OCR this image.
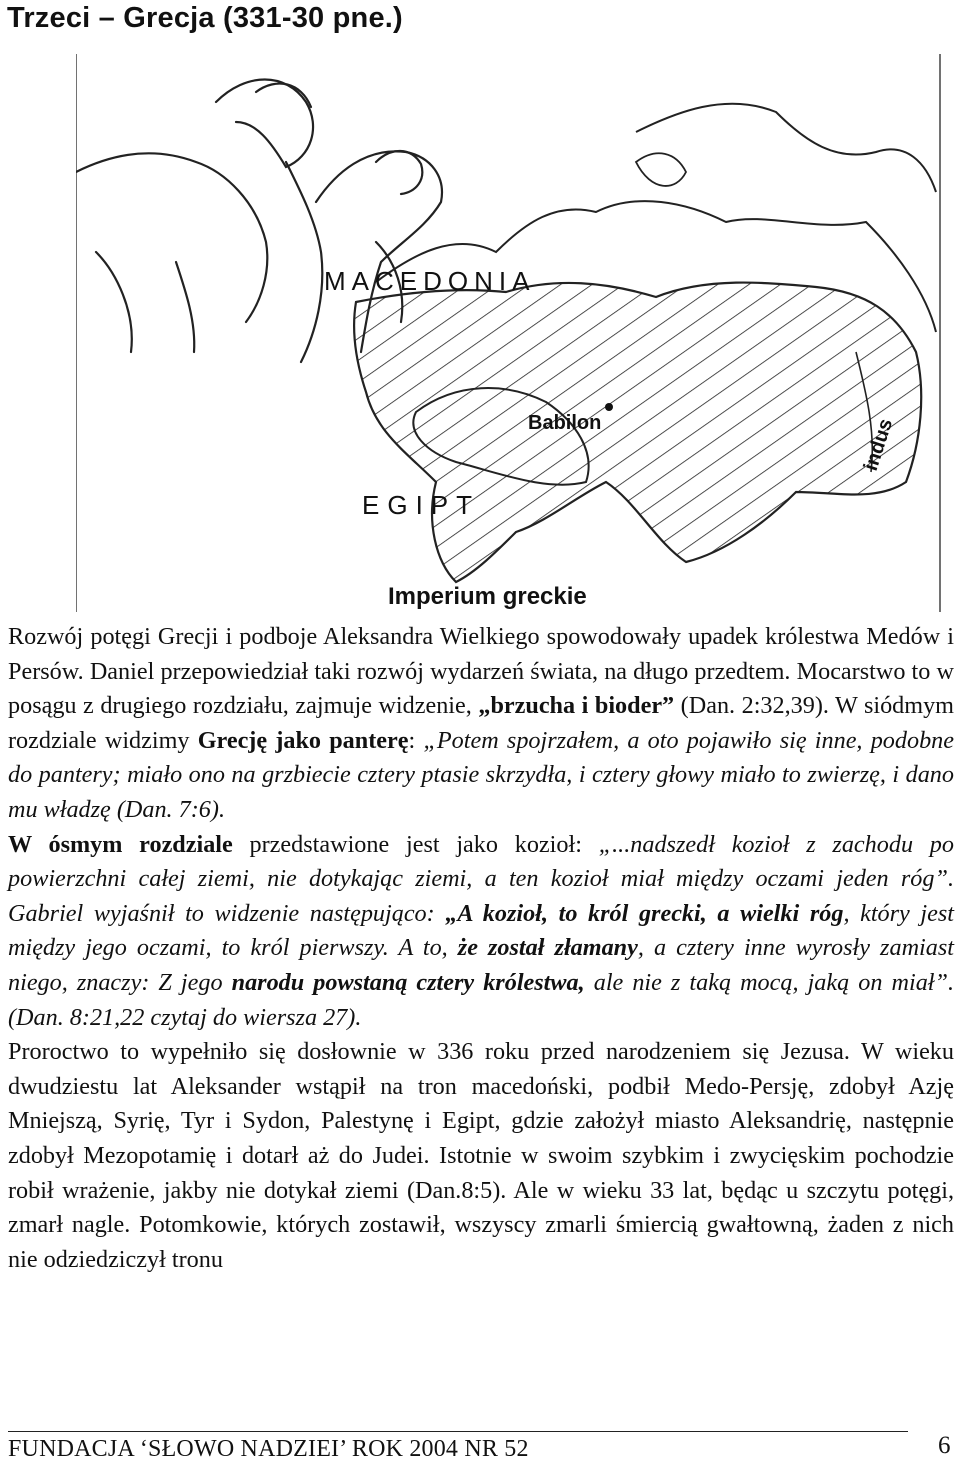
Trzeci – Grecja (331-30 pne.)
MACEDONIA
Babilon
EGIPT
indus
Imperium greckie

Rozwój potęgi Grecji i podboje Aleksandra Wielkiego spowodowały upadek królestwa Medów i Persów. Daniel przepowiedział taki rozwój wydarzeń świata, na długo przedtem. Mocarstwo to w posągu z drugiego rozdziału, zajmuje widzenie, „brzucha i bioder” (Dan. 2:32,39). W siódmym rozdziale widzimy Grecję jako panterę: „Potem spojrzałem, a oto pojawiło się inne, podobne do pantery; miało ono na grzbiecie cztery ptasie skrzydła, i cztery głowy miało to zwierzę, i dano mu władzę (Dan. 7:6).

W ósmym rozdziale przedstawione jest jako kozioł: „...nadszedł kozioł z zachodu po powierzchni całej ziemi, nie dotykając ziemi, a ten kozioł miał między oczami jeden róg”. Gabriel wyjaśnił to widzenie następująco: „A kozioł, to król grecki, a wielki róg, który jest między jego oczami, to król pierwszy. A to, że został złamany, a cztery inne wyrosły zamiast niego, znaczy: Z jego narodu powstaną cztery królestwa, ale nie z taką mocą, jaką on miał”. (Dan. 8:21,22 czytaj do wiersza 27).

Proroctwo to wypełniło się dosłownie w 336 roku przed narodzeniem się Jezusa. W wieku dwudziestu lat Aleksander wstąpił na tron macedoński, podbił Medo-Persję, zdobył Azję Mniejszą, Syrię, Tyr i Sydon, Palestynę i Egipt, gdzie założył miasto Aleksandrię, następnie zdobył Mezopotamię i dotarł aż do Judei. Istotnie w swoim szybkim i zwycięskim pochodzie robił wrażenie, jakby nie dotykał ziemi (Dan.8:5). Ale w wieku 33 lat, będąc u szczytu potęgi, zmarł nagle. Potomkowie, których zostawił, wszyscy zmarli śmiercią gwałtowną, żaden z nich nie odziedziczył tronu

FUNDACJA ‘SŁOWO NADZIEI’ ROK 2004 NR 52	6
